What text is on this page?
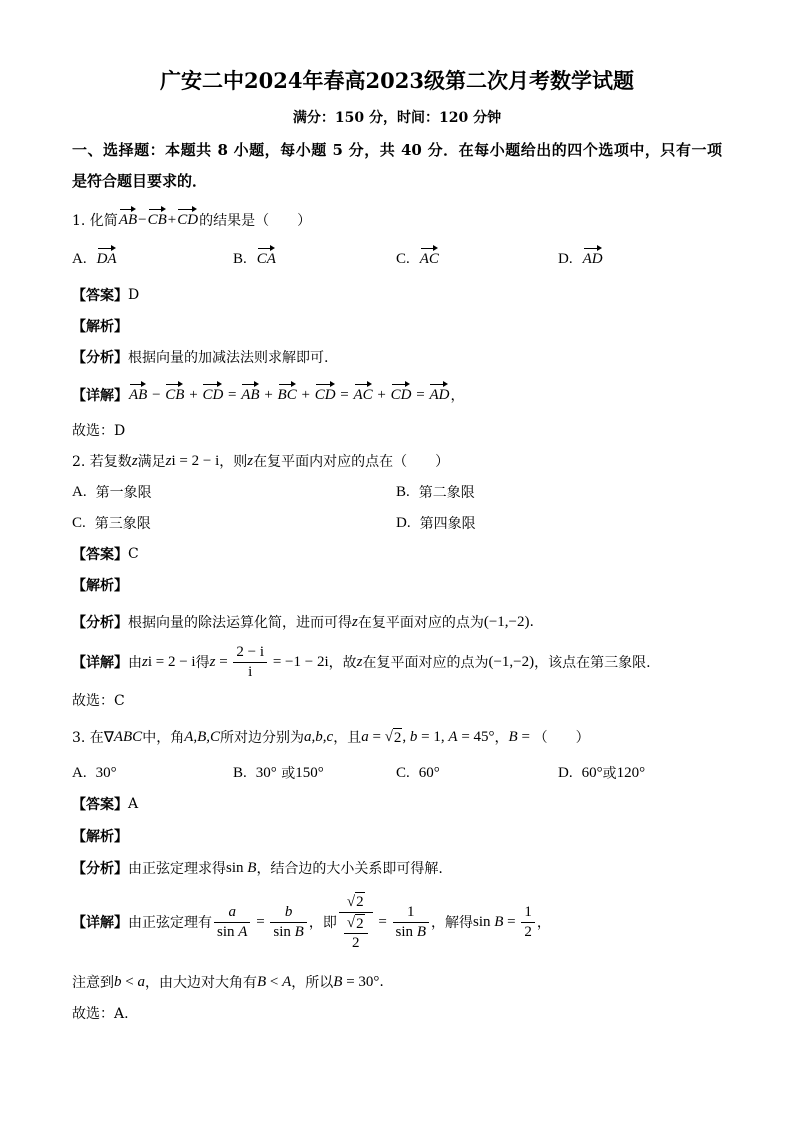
广安二中2024年春高2023级第二次月考数学试题
满分：150 分，时间：120 分钟
一、选择题：本题共 8 小题，每小题 5 分，共 40 分．在每小题给出的四个选项中，只有一项
是符合题目要求的．
1. 化简 AB − CB + CD 的结果是（　　）
A. DA	B. CA	C. AC	D. AD
【答案】 D
【解析】
【分析】 根据向量的加减法法则求解即可.
【详解】 AB − CB + CD = AB + BC + CD = AC + CD = AD ，
故选：D
2. 若复数 z 满足 z i = 2 − i ，则 z 在复平面内对应的点在（　　）
A. 第一象限	B. 第二象限
C. 第三象限	D. 第四象限
【答案】 C
【解析】
【分析】 根据向量的除法运算化简，进而可得 z 在复平面对应的点为 (−1,−2) .
【详解】 由 z i = 2 − i 得 $z = \frac{2 - i}{i} = -1 - 2i$ ，故 z 在复平面对应的点为 (−1,−2) ，该点在第三象限.
故选：C
3. 在 ∇ ABC 中，角 A,B,C 所对边分别为 a,b,c ，且 a = √ 2 , b = 1, A = 45° ， B = （　　）
A. 30°	B. 30° 或 150°	C. 60°	D. 60° 或 120°
【答案】 A
【解析】
【分析】 由正弦定理求得 sin B ，结合边的大小关系即可得解.
【详解】 由正弦定理有 $\frac{a}{\text{sin A}} = \frac{b}{\text{sin B}}$ ，即 √ 2
√ $\frac{2}{2} = \frac{1}{\text{sin B}}$ ，解得 $\sin B = \frac{1}{2}$ ，
注意到 b < a ，由大边对大角有 B < A ，所以 B = 30° .
故选：A.
